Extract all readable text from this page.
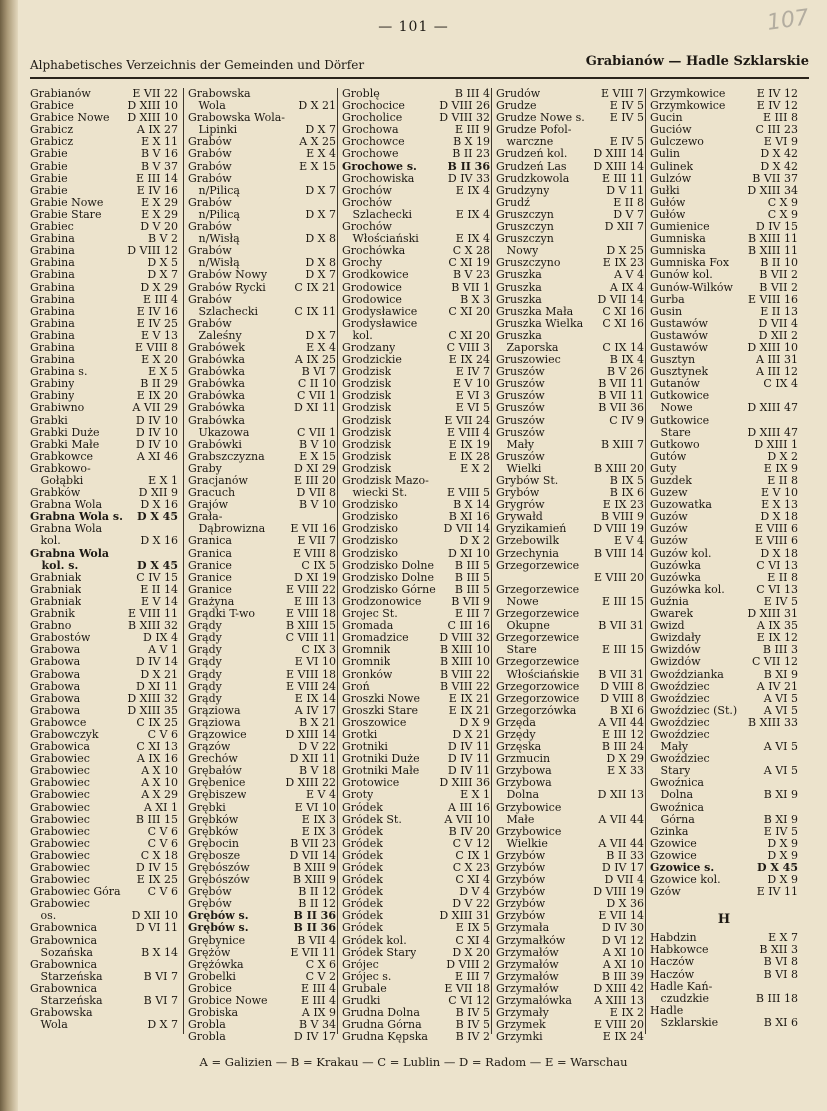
— 101 —	107
Alphabetisches Verzeichnis der Gemeinden und Dörfer	Grabianów — Hadle Szklarskie
Grabianów	E VII 22
Grabice	D XIII 10
Grabice Nowe D XIII 10
Grabicz	A IX 27
Grabicz	E X 11
Grabie	B V 16
Grabie	B V 37
Grabie	E III 14
Grabie	E IV 16
Grabie Nowe	E X 29
Grabie Stare	E X 29
Grabiec	D V 20
Grabina	B V 2
Grabina	D VIII 12
Grabina	D X 5
Grabina	D X 7
Grabina	D X 29
Grabina	E III 4
Grabina	E IV 16
Grabina	E IV 25
Grabina	E V 13
Grabina	E VIII 8
Grabina	E X 20
Grabina s.	E X 5
Grabiny	B II 29
Grabiny	E IX 20
Grabiwno	A VII 29
Grabki	D IV 10
Grabki Duże	D IV 10
Grabki Małe	D IV 10
Grabkowce	A XI 46
Grabkowo-
Gołąbki	E X 1
Grabków	D XII 9
Grabna Wola	D X 16
Grabna Wola s. D X 45
Grabna Wola
kol.	D X 16
Grabna Wola
kol. s.	D X 45
Grabniak	C IV 15
Grabniak	E II 14
Grabniak	E V 14
Grabnik	E VIII 11
Grabno	B XIII 32
Grabostów	D IX 4
Grabowa	A V 1
Grabowa	D IV 14
Grabowa	D X 21
Grabowa	D XI 11
Grabowa	D XIII 32
Grabowa	D XIII 35
Grabowce	C IX 25
Grabowczyk	C V 6
Grabowica	C XI 13
Grabowiec	A IX 16
Grabowiec	A X 10
Grabowiec	A X 10
Grabowiec	A X 29
Grabowiec	A XI 1
Grabowiec	B III 15
Grabowiec	C V 6
Grabowiec	C V 6
Grabowiec	C X 18
Grabowiec	D IV 15
Grabowiec	E IX 25
Grabowiec Góra C V 6
Grabowiec
os.	D XII 10
Grabownica	D VI 11
Grabownica
Sozańska	B X 14
Grabownica
Starzeńska	B VI 7
Grabownica
Starzeńska	B VI 7
Grabowska
Wola	D X 7
Grabowska
Wola	D X 21
Grabowska Wola-
Lipinki	D X 7
Grabów	A X 25
Grabów	E X 4
Grabów	E X 15
Grabów
n/Pilicą	D X 7
Grabów
n/Pilicą	D X 7
Grabów
n/Wisłą	D X 8
Grabów
n/Wisłą	D X 8
Grabów Nowy	D X 7
Grabów Rycki	C IX 21
Grabów
Szlachecki	C IX 11
Grabów
Zaleśny	D X 7
Grabówek	E X 4
Grabówka	A IX 25
Grabówka	B VI 7
Grabówka	C II 10
Grabówka	C VII 1
Grabówka	D XI 11
Grabówka
Ukazowa	C VII 1
Grabówki	B V 10
Grabszczyzna	E X 15
Graby	D XI 29
Gracjanów	E III 20
Gracuch	D VII 8
Grajów	B V 10
Grała-
Dąbrowizna E VII 16
Granica	E VII 7
Granica	E VIII 8
Granice	C IX 5
Granice	D XI 19
Granice	E VIII 22
Grażyna	E III 13
Grądki T-wo	E VIII 18
Grądy	B XIII 15
Grądy	C VIII 11
Grądy	C IX 3
Grądy	E VI 10
Grądy	E VIII 18
Grądy	E VIII 24
Grądy	E IX 14
Grąziowa	A IV 17
Grąziowa	B X 21
Grązowice	D XIII 14
Grązów	D V 22
Grechów	D XII 11
Grębałów	B V 18
Grębenice	D XIII 22
Grębiszew	E V 4
Grębki	E VI 10
Grębków	E IX 3
Grębków	E IX 3
Grębocin	B VII 23
Grębosze	D VII 14
Grębószów	B XIII 9
Grębószów	B XIII 9
Grębów	B II 12
Grębów	B II 12
Grębów s.	B II 36
Grębów s.	B II 36
Grębynice	B VII 4
Grężów	E VII 11
Grężówka	C X 6
Grobelki	C V 2
Grobice	E III 4
Grobice Nowe	E III 4
Grobiska	A IX 9
Grobla	B V 34
Grobla	D IV 17
Groblę	B III 4
Grochocice	D VIII 26
Grocholice	D VIII 32
Grochowa	E III 9
Grochowce	B X 19
Grochowe	B II 23
Grochowe s.	B II 36
Grochowiska	D IV 33
Grochów	E IX 4
Grochów
Szlachecki	E IX 4
Grochów
Włościański	E IX 4
Grochówka	C X 28
Grochy	C XI 19
Grodkowice	B V 23
Grodowice	B VII 1
Grodowice	B X 3
Grodysławice	C XI 20
Grodysławice
kol.	C XI 20
Grodzany	C VIII 3
Grodzickie	E IX 24
Grodzisk	E IV 7
Grodzisk	E V 10
Grodzisk	E VI 3
Grodzisk	E VI 5
Grodzisk	E VII 24
Grodzisk	E VIII 4
Grodzisk	E IX 19
Grodzisk	E IX 28
Grodzisk	E X 2
Grodzisk Mazo-
wiecki St.	E VIII 5
Grodzisko	B X 14
Grodzisko	B XI 16
Grodzisko	D VII 14
Grodzisko	D X 2
Grodzisko	D XI 10
Grodzisko Dolne B III 5
Grodzisko Dolne B III 5
Grodzisko Górne B III 5
Grodzonowice	B VII 9
Grojec St.	E III 7
Gromada	C III 16
Gromadzice	D VIII 32
Gromnik	B XIII 10
Gromnik	B XIII 10
Gronków	B VIII 22
Groń	B VIII 22
Groszki Nowe	E IX 21
Groszki Stare	E IX 21
Groszowice	D X 9
Grotki	D X 21
Grotniki	D IV 11
Grotniki Duże	D IV 11
Grotniki Małe	D IV 11
Grotowice	D XIII 36
Groty	E X 1
Gródek	A III 16
Gródek St.	A VII 10
Gródek	B IV 20
Gródek	C V 12
Gródek	C IX 1
Gródek	C X 23
Gródek	C XI 4
Gródek	D V 4
Gródek	D V 22
Gródek	D XIII 31
Gródek	E IX 5
Gródek kol.	C XI 4
Gródek Stary	D X 20
Grójec	D VIII 2
Grójec s.	E III 7
Grubale	E VII 18
Grudki	C VI 12
Grudna Dolna	B IV 5
Grudna Górna	B IV 5
Grudna Kępska	B IV 2
Grudów	E VIII 7
Grudze	E IV 5
Grudze Nowe s. E IV 5
Grudze Pofol-
warczne	E IV 5
Grudzeń kol. D XIII 14
Grudzeń Las D XIII 14
Grudzkowola	E III 11
Grudzyny	D V 11
Grudź	E II 8
Gruszczyn	D V 7
Gruszczyn	D XII 7
Gruszczyn
Nowy	D X 25
Gruszczyno	E IX 23
Gruszka	A V 4
Gruszka	A IX 4
Gruszka	D VII 14
Gruszka Mała	C XI 16
Gruszka Wielka C XI 16
Gruszka
Zaporska	C IX 14
Gruszowiec	B IX 4
Gruszów	B V 26
Gruszów	B VII 11
Gruszów	B VII 11
Gruszów	B VII 36
Gruszów	C IV 9
Gruszów
Mały	B XIII 7
Gruszów
Wielki	B XIII 20
Grybów St.	B IX 5
Grybów	B IX 6
Grygrów	E IX 23
Grywałd	B VIII 9
Gryzikamień D VIII 19
Grzebowilk	E V 4
Grzechynia	B VIII 14
Grzegorzewice
E VIII 20
Grzegorzewice
Nowe	E III 15
Grzegorzewice
Okupne	B VII 31
Grzegorzewice
Stare	E III 15
Grzegorzewice
Włościańskie B VII 31
Grzegorzowice D VIII 8
Grzegorzowice D VIII 8
Grzegorzówka	B XI 6
Grzęda	A VII 44
Grzędy	E III 12
Grzęska	B III 24
Grzmucin	D X 29
Grzybowa	E X 33
Grzybowa
Dolna	D XII 13
Grzybowice
Małe	A VII 44
Grzybowice
Wielkie	A VII 44
Grzybów	B II 33
Grzybów	D IV 17
Grzybów	D VII 4
Grzybów	D VIII 19
Grzybów	D X 36
Grzybów	E VII 14
Grzymała	D IV 30
Grzymałków	D VI 12
Grzymałów	A XI 10
Grzymałów	A XI 10
Grzymałów	B III 39
Grzymałów	D XIII 42
Grzymałówka A XIII 13
Grzymały	E IX 2
Grzymek	E VIII 20
Grzymki	E IX 24
Grzymkowice	E IV 12
Grzymkowice	E IV 12
Gucin	E III 8
Guciów	C III 23
Gulczewo	E VI 9
Gulin	D X 42
Gulinek	D X 42
Gulzów	B VII 37
Gułki	D XIII 34
Gułów	C X 9
Gułów	C X 9
Gumienice	D IV 15
Gumniska	B XIII 11
Gumniska	B XIII 11
Gumniska Fox	B II 10
Gunów kol.	B VII 2
Gunów-Wilków B VII 2
Gurba	E VIII 16
Gusin	E II 13
Gustawów	D VII 4
Gustawów	D XII 2
Gustawów	D XIII 10
Gusztyn	A III 31
Gusztynek	A III 12
Gutanów	C IX 4
Gutkowice
Nowe	D XIII 47
Gutkowice
Stare	D XIII 47
Gutkowo	D XIII 1
Gutów	D X 2
Guty	E IX 9
Guzdek	E II 8
Guzew	E V 10
Guzowatka	E X 13
Guzów	D X 18
Guzów	E VIII 6
Guzów	E VIII 6
Guzów kol.	D X 18
Guzówka	C VI 13
Guzówka	E II 8
Guzówka kol.	C VI 13
Guźnia	E IV 5
Gwarek	D XIII 31
Gwizd	A IX 35
Gwizdały	E IX 12
Gwizdów	B III 3
Gwizdów	C VII 12
Gwoździanka	B XI 9
Gwoździec	A IV 21
Gwoździec	A VI 5
Gwoździec (St.) A VI 5
Gwoździec	B XIII 33
Gwoździec
Mały	A VI 5
Gwoździec
Stary	A VI 5
Gwoźnica
Dolna	B XI 9
Gwoźnica
Górna	B XI 9
Gzinka	E IV 5
Gzowice	D X 9
Gzowice	D X 9
Gzowice s.	D X 45
Gzowice kol.	D X 9
Gzów	E IV 11
H
Habdzin	E X 7
Habkowce	B XII 3
Haczów	B VI 8
Haczów	B VI 8
Hadle Kań-
czudzkie	B III 18
Hadle
Szklarskie	B XI 6
A = Galizien — B = Krakau — C = Lublin — D = Radom — E = Warschau
